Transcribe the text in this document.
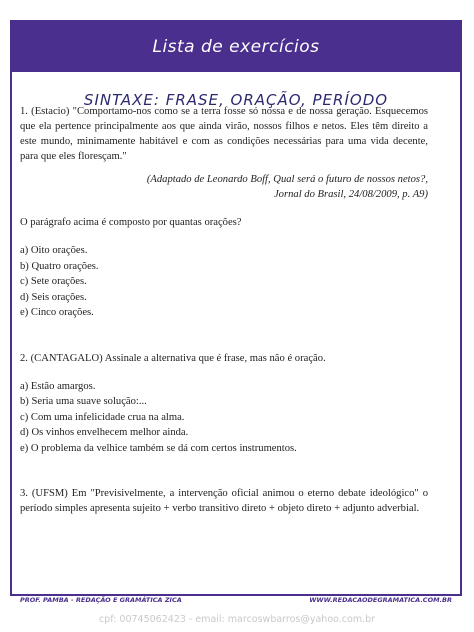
Lista de exercícios
SINTAXE: FRASE, ORAÇÃO, PERÍODO

1. (Estacio) "Comportamo-nos como se a terra fosse só nossa e de nossa geração. Esquecemos que ela pertence principalmente aos que ainda virão, nossos filhos e netos. Eles têm direito a este mundo, minimamente habitável e com as condições necessárias para uma vida decente, para que eles floresçam."

(Adaptado de Leonardo Boff, Qual será o futuro de nossos netos?,
Jornal do Brasil, 24/08/2009, p. A9)

O parágrafo acima é composto por quantas orações?

a) Oito orações.
b) Quatro orações.
c) Sete orações.
d) Seis orações.
e) Cinco orações.

2. (CANTAGALO) Assinale a alternativa que é frase, mas não é oração.

a) Estão amargos.
b) Seria uma suave solução:...
c) Com uma infelicidade crua na alma.
d) Os vinhos envelhecem melhor ainda.
e) O problema da velhice também se dá com certos instrumentos.

3. (UFSM) Em "Previsivelmente, a intervenção oficial animou o eterno debate ideológico" o período simples apresenta sujeito + verbo transitivo direto + objeto direto + adjunto adverbial.

PROF. PAMBA - REDAÇÃO E GRAMÁTICA ZICA	WWW.REDACAODEGRAMATICA.COM.BR
cpf: 00745062423 - email: marcoswbarros@yahoo.com.br
